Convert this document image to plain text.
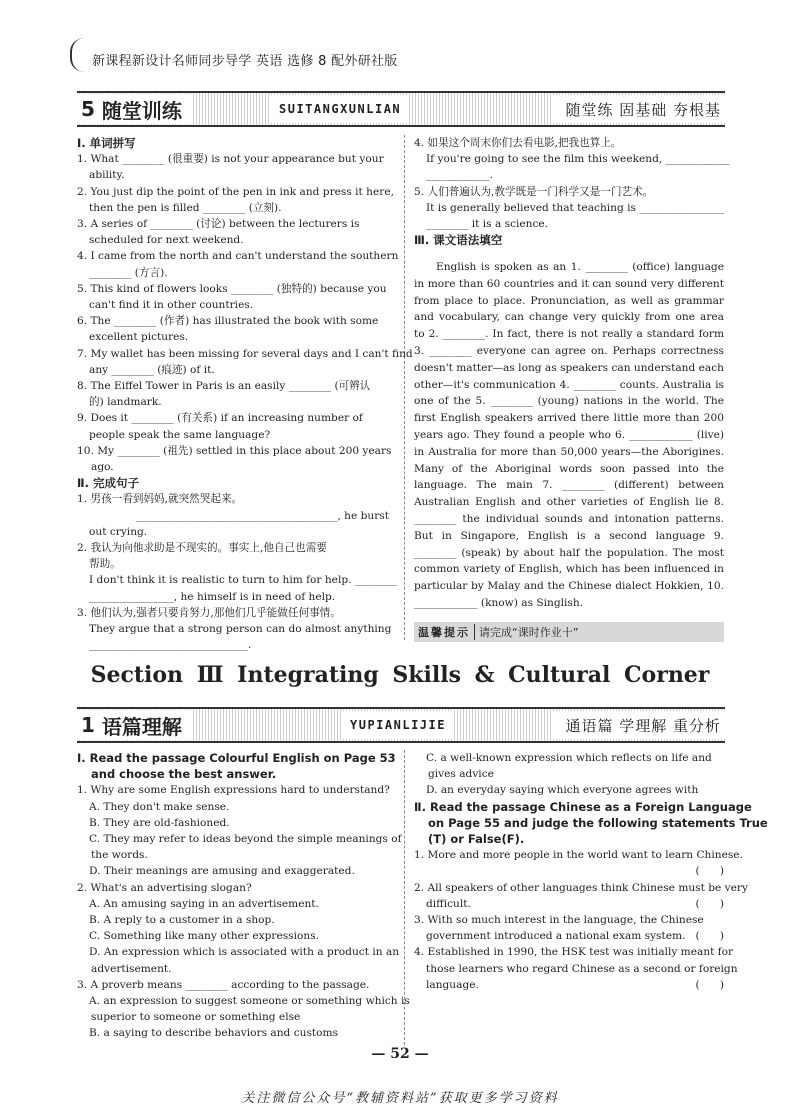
新课程新设计名师同步导学 英语 选修 8 配外研社版
5
随堂训练	SUITANGXUNLIAN	随堂练 固基础 夯根基
Ⅰ. 单词拼写
1. What ________ (很重要) is not your appearance but your
ability.
2. You just dip the point of the pen in ink and press it here,
then the pen is filled ________ (立刻).
3. A series of ________ (讨论) between the lecturers is
scheduled for next weekend.
4. I came from the north and can't understand the southern
________ (方言).
5. This kind of flowers looks ________ (独特的) because you
can't find it in other countries.
6. The ________ (作者) has illustrated the book with some
excellent pictures.
7. My wallet has been missing for several days and I can't find
any ________ (痕迹) of it.
8. The Eiffel Tower in Paris is an easily ________ (可辨认
的) landmark.
9. Does it ________ (有关系) if an increasing number of
people speak the same language?
10. My ________ (祖先) settled in this place about 200 years
ago.
Ⅱ. 完成句子
1. 男孩一看到妈妈,就突然哭起来。
______________________________________, he burst
out crying.
2. 我认为向他求助是不现实的。事实上,他自己也需要
帮助。
I don't think it is realistic to turn to him for help. ________
________________, he himself is in need of help.
3. 他们认为,强者只要肯努力,那他们几乎能做任何事情。
They argue that a strong person can do almost anything
______________________________.
4. 如果这个周末你们去看电影,把我也算上。
If you're going to see the film this weekend, ____________
____________.
5. 人们普遍认为,教学既是一门科学又是一门艺术。
It is generally believed that teaching is ________________
________ it is a science.
Ⅲ. 课文语法填空
English is spoken as an 1. ________ (office) language in more than 60 countries and it can sound very different from place to place. Pronunciation, as well as grammar and vocabulary, can change very quickly from one area to 2. ________. In fact, there is not really a standard form 3. ________ everyone can agree on. Perhaps correctness doesn't matter—as long as speakers can understand each other—it's communication 4. ________ counts. Australia is one of the 5. ________ (young) nations in the world. The first English speakers arrived there little more than 200 years ago. They found a people who 6. ____________ (live) in Australia for more than 50,000 years—the Aborigines. Many of the Aboriginal words soon passed into the language. The main 7. ________ (different) between Australian English and other varieties of English lie 8. ________ the individual sounds and intonation patterns. But in Singapore, English is a second language 9. ________ (speak) by about half the population. The most common variety of English, which has been influenced in particular by Malay and the Chinese dialect Hokkien, 10. ____________ (know) as Singlish.
温馨提示 请完成“课时作业十”
Section Ⅲ Integrating Skills & Cultural Corner
1
语篇理解	YUPIANLIJIE	通语篇 学理解 重分析
Ⅰ. Read the passage Colourful English on Page 53
and choose the best answer.
1. Why are some English expressions hard to understand?
A. They don't make sense.
B. They are old-fashioned.
C. They may refer to ideas beyond the simple meanings of
the words.
D. Their meanings are amusing and exaggerated.
2. What's an advertising slogan?
A. An amusing saying in an advertisement.
B. A reply to a customer in a shop.
C. Something like many other expressions.
D. An expression which is associated with a product in an
advertisement.
3. A proverb means ________ according to the passage.
A. an expression to suggest someone or something which is
superior to someone or something else
B. a saying to describe behaviors and customs
C. a well-known expression which reflects on life and
gives advice
D. an everyday saying which everyone agrees with
Ⅱ. Read the passage Chinese as a Foreign Language
on Page 55 and judge the following statements True
(T) or False(F).
1. More and more people in the world want to learn Chinese.
(      )
2. All speakers of other languages think Chinese must be very
difficult.	(      )
3. With so much interest in the language, the Chinese
government introduced a national exam system. (      )
4. Established in 1990, the HSK test was initially meant for
those learners who regard Chinese as a second or foreign
language.	(      )
— 52 —
关注微信公众号“教辅资料站”获取更多学习资料
